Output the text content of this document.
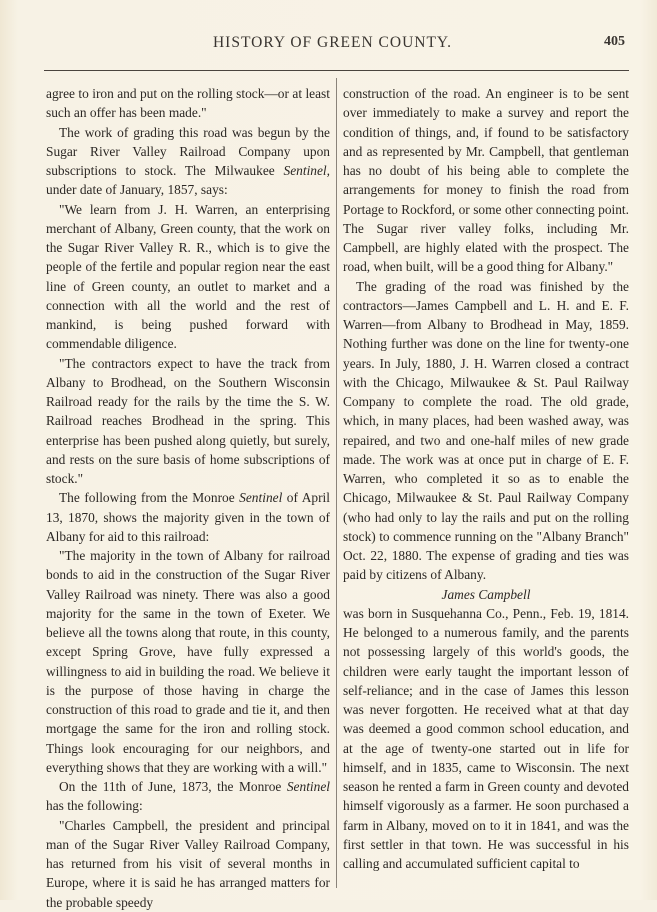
HISTORY OF GREEN COUNTY.	405

agree to iron and put on the rolling stock—or at least such an offer has been made."

The work of grading this road was begun by the Sugar River Valley Railroad Company upon subscriptions to stock. The Milwaukee Sentinel, under date of January, 1857, says:

"We learn from J. H. Warren, an enterprising merchant of Albany, Green county, that the work on the Sugar River Valley R. R., which is to give the people of the fertile and popular region near the east line of Green county, an outlet to market and a connection with all the world and the rest of mankind, is being pushed forward with commendable diligence.

"The contractors expect to have the track from Albany to Brodhead, on the Southern Wisconsin Railroad ready for the rails by the time the S. W. Railroad reaches Brodhead in the spring. This enterprise has been pushed along quietly, but surely, and rests on the sure basis of home subscriptions of stock."

The following from the Monroe Sentinel of April 13, 1870, shows the majority given in the town of Albany for aid to this railroad:

"The majority in the town of Albany for railroad bonds to aid in the construction of the Sugar River Valley Railroad was ninety. There was also a good majority for the same in the town of Exeter. We believe all the towns along that route, in this county, except Spring Grove, have fully expressed a willingness to aid in building the road. We believe it is the purpose of those having in charge the construction of this road to grade and tie it, and then mortgage the same for the iron and rolling stock. Things look encouraging for our neighbors, and everything shows that they are working with a will."

On the 11th of June, 1873, the Monroe Sentinel has the following:

"Charles Campbell, the president and principal man of the Sugar River Valley Railroad Company, has returned from his visit of several months in Europe, where it is said he has arranged matters for the probable speedy

construction of the road. An engineer is to be sent over immediately to make a survey and report the condition of things, and, if found to be satisfactory and as represented by Mr. Campbell, that gentleman has no doubt of his being able to complete the arrangements for money to finish the road from Portage to Rockford, or some other connecting point. The Sugar river valley folks, including Mr. Campbell, are highly elated with the prospect. The road, when built, will be a good thing for Albany."

The grading of the road was finished by the contractors—James Campbell and L. H. and E. F. Warren—from Albany to Brodhead in May, 1859. Nothing further was done on the line for twenty-one years. In July, 1880, J. H. Warren closed a contract with the Chicago, Milwaukee & St. Paul Railway Company to complete the road. The old grade, which, in many places, had been washed away, was repaired, and two and one-half miles of new grade made. The work was at once put in charge of E. F. Warren, who completed it so as to enable the Chicago, Milwaukee & St. Paul Railway Company (who had only to lay the rails and put on the rolling stock) to commence running on the "Albany Branch" Oct. 22, 1880. The expense of grading and ties was paid by citizens of Albany.

James Campbell

was born in Susquehanna Co., Penn., Feb. 19, 1814. He belonged to a numerous family, and the parents not possessing largely of this world's goods, the children were early taught the important lesson of self-reliance; and in the case of James this lesson was never forgotten. He received what at that day was deemed a good common school education, and at the age of twenty-one started out in life for himself, and in 1835, came to Wisconsin. The next season he rented a farm in Green county and devoted himself vigorously as a farmer. He soon purchased a farm in Albany, moved on to it in 1841, and was the first settler in that town. He was successful in his calling and accumulated sufficient capital to
